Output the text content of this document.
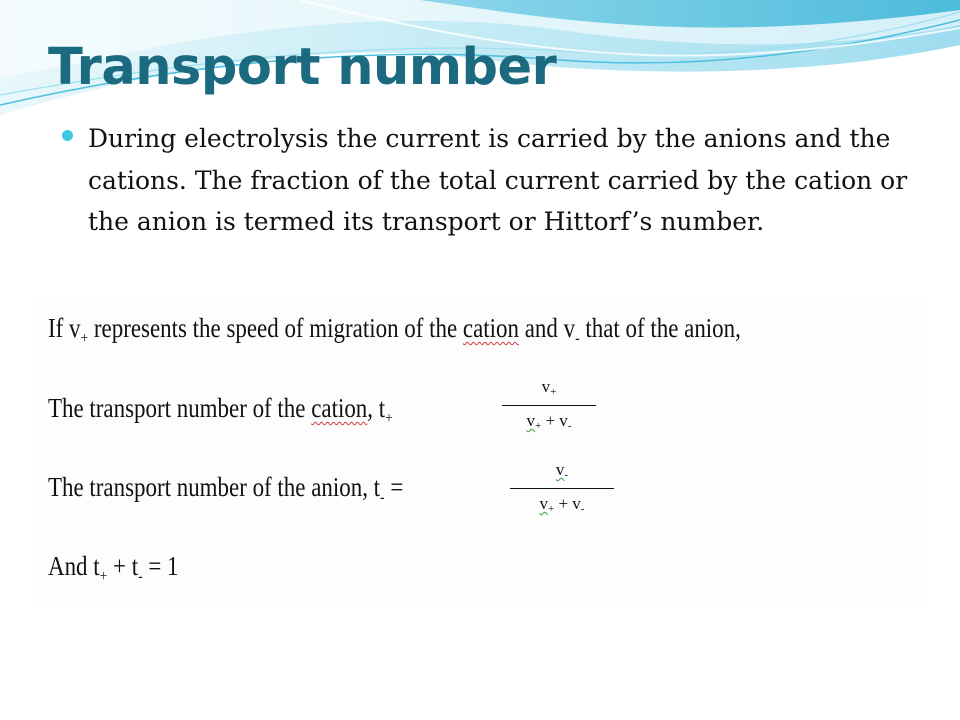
Transport number

During electrolysis the current is carried by the anions and the cations. The fraction of the total current carried by the cation or the anion is termed its transport or Hittorf’s number.

If $v_+$ represents the speed of migration of the cation and $v_-$ that of the anion,
The transport number of the cation, $t_+$
$v_+$
$v_+ + v_-$
The transport number of the anion, $t_-$ =
$v_-$
$v_+ + v_-$
And $t_+ + t_- = 1$
